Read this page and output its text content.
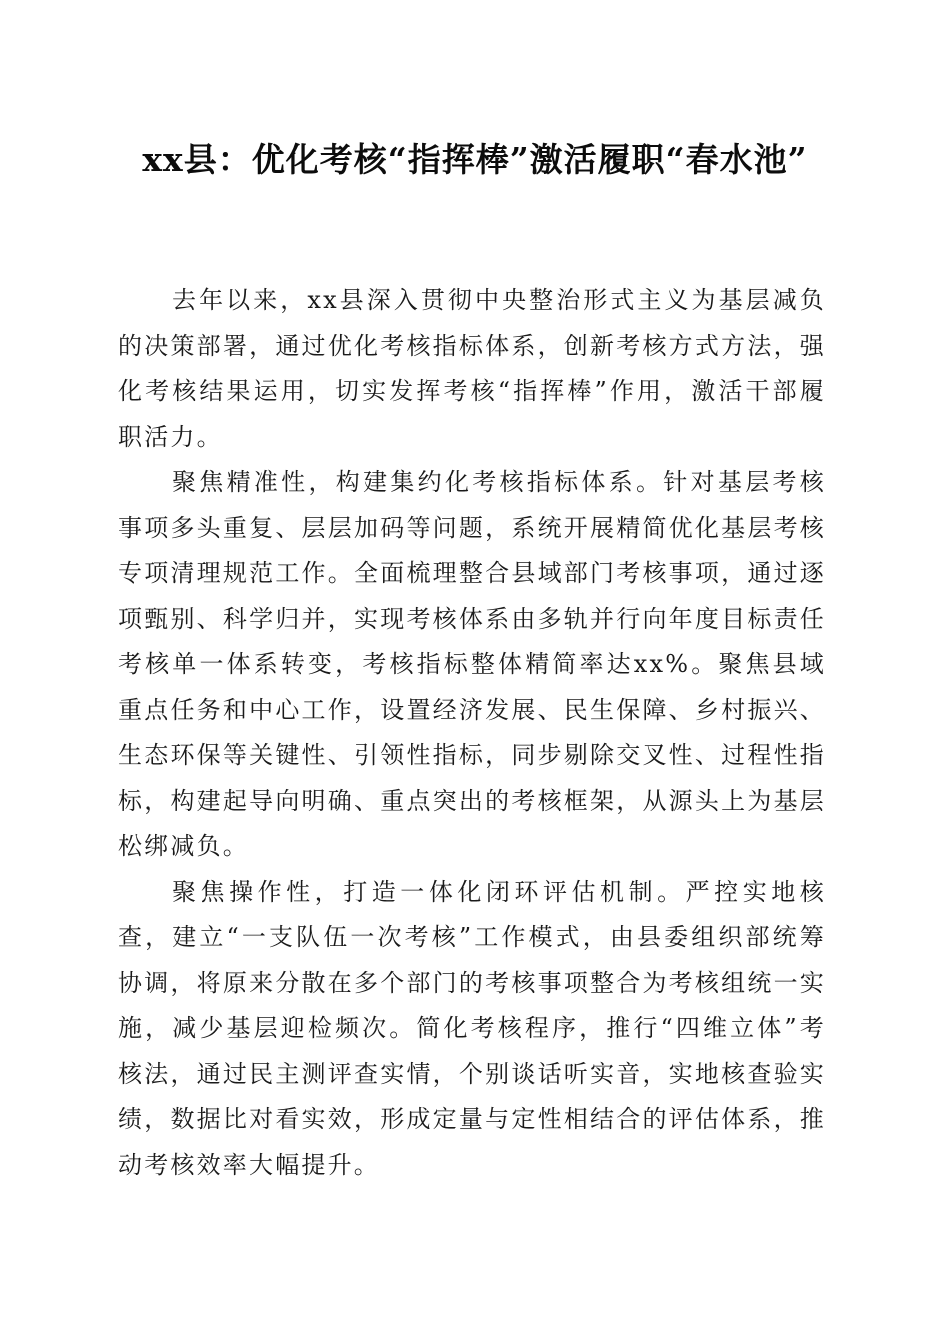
xx县：优化考核“指挥棒”激活履职“春水池”

去年以来，xx县深入贯彻中央整治形式主义为基层减负的决策部署，通过优化考核指标体系，创新考核方式方法，强化考核结果运用，切实发挥考核“指挥棒”作用，激活干部履职活力。

聚焦精准性，构建集约化考核指标体系。针对基层考核事项多头重复、层层加码等问题，系统开展精简优化基层考核专项清理规范工作。全面梳理整合县域部门考核事项，通过逐项甄别、科学归并，实现考核体系由多轨并行向年度目标责任考核单一体系转变，考核指标整体精简率达xx%。聚焦县域重点任务和中心工作，设置经济发展、民生保障、乡村振兴、生态环保等关键性、引领性指标，同步剔除交叉性、过程性指标，构建起导向明确、重点突出的考核框架，从源头上为基层松绑减负。

聚焦操作性，打造一体化闭环评估机制。严控实地核查，建立“一支队伍一次考核”工作模式，由县委组织部统筹协调，将原来分散在多个部门的考核事项整合为考核组统一实施，减少基层迎检频次。简化考核程序，推行“四维立体”考核法，通过民主测评查实情，个别谈话听实音，实地核查验实绩，数据比对看实效，形成定量与定性相结合的评估体系，推动考核效率大幅提升。
